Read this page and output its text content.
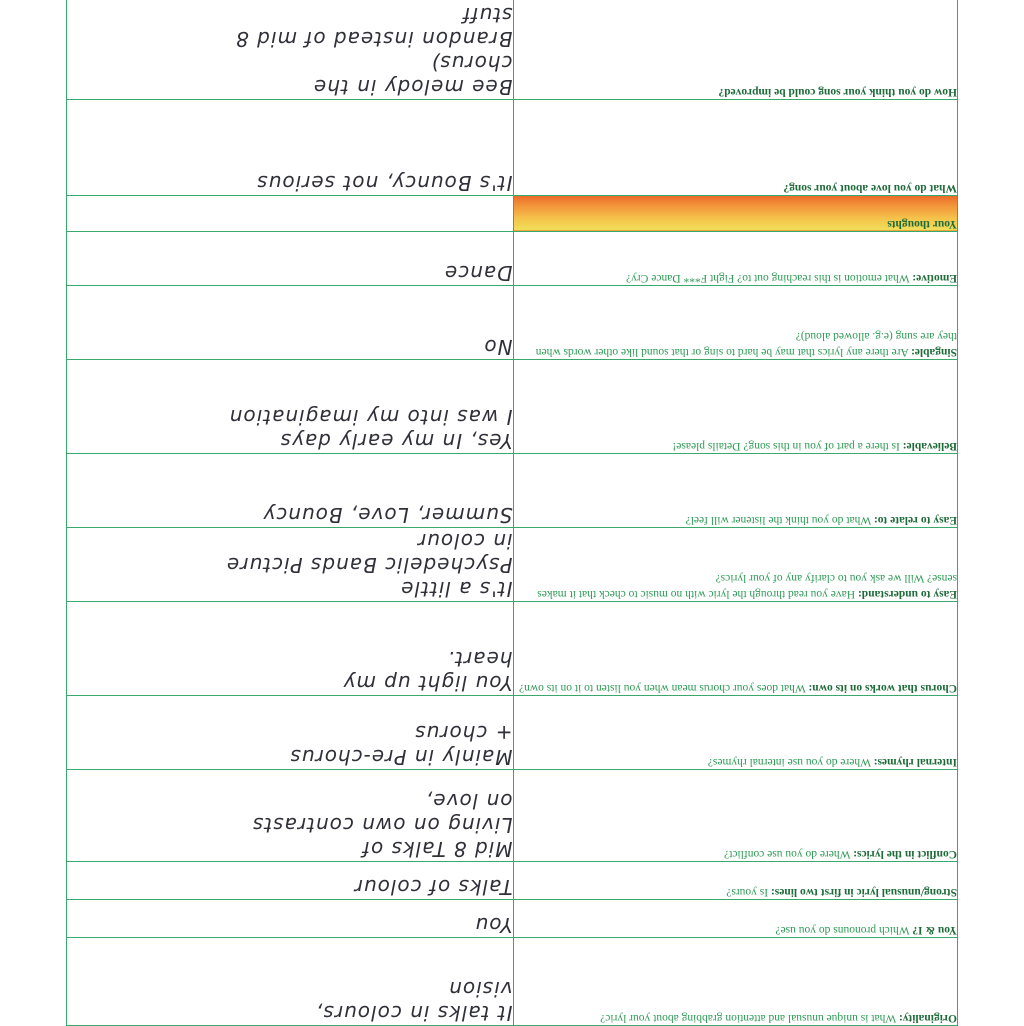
Originality: What is unique unusual and attention grabbing about your lyric?	It talks in colours,
vision

You & I? Which pronouns do you use?	You

Strong/unusual lyric in first two lines: Is yours?	Talks of colour

Conflict in the lyrics: Where do you use conflict?	Mid 8 Talks of
Living on own contrasts
on love,

Internal rhymes: Where do you use internal rhymes?	Mainly in Pre-chorus
+ chorus

Chorus that works on its own: What does your chorus mean when you listen to it on its own?	You light up my
heart.

Easy to understand: Have you read through the lyric with no music to check that it makes sense? Will we ask you to clarify any of your lyrics?	It's a little
Psychedelic Bands Picture
in colour

Easy to relate to: What do you think the listener will feel?	Summer, Love, Bouncy

Believable: Is there a part of you in this song? Details please!	Yes, In my early days
I was into my imagination

Singable: Are there any lyrics that may be hard to sing or that sound like other words when they are sung (e.g. allowed aloud)?	No

Emotive: What emotion is this reaching out to? Fight F*** Dance Cry?	Dance

Your thoughts	
What do you love about your song?	It's Bouncy, not serious

How do you think your song could be improved?	Bee melody in the
chorus)
Brandon instead of mid 8
stuff
